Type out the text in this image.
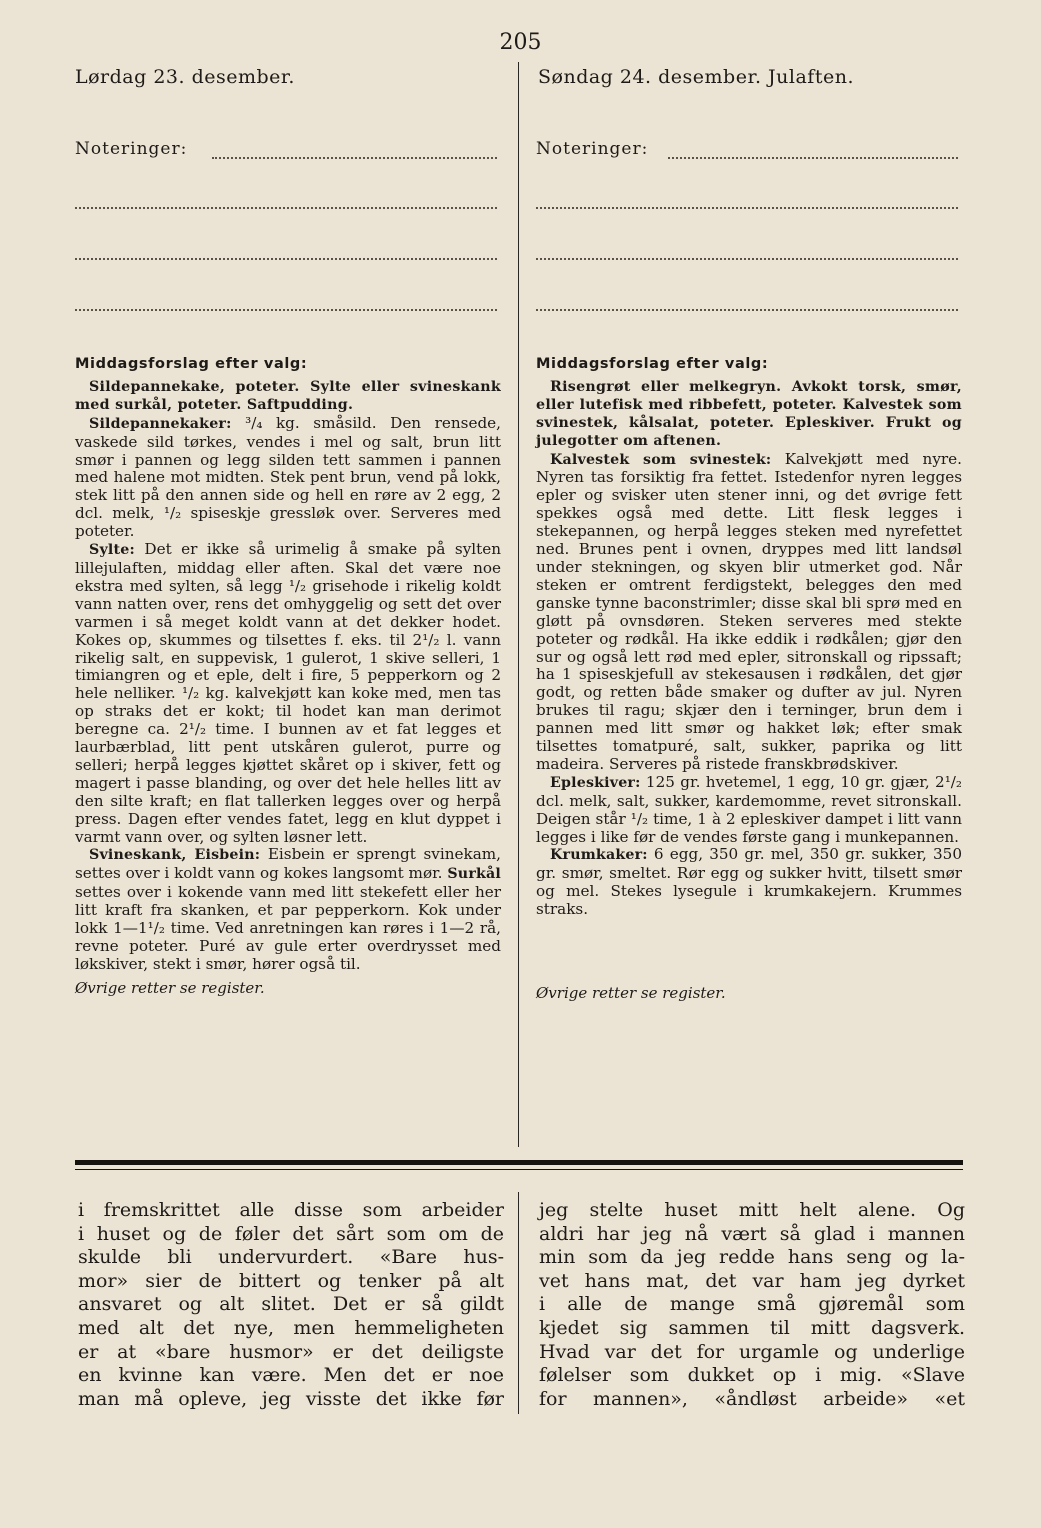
205
Lørdag 23. desember.	Søndag 24. desember. Julaften.
Noteringer:	Noteringer:

Middagsforslag efter valg:

Sildepannekake, poteter. Sylte eller svineskank med surkål, poteter. Saftpudding.

Sildepannekaker: ³/₄ kg. småsild. Den rensede, vaskede sild tørkes, vendes i mel og salt, brun litt smør i pannen og legg silden tett sammen i pannen med halene mot midten. Stek pent brun, vend på lokk, stek litt på den annen side og hell en røre av 2 egg, 2 dcl. melk, ¹/₂ spiseskje gressløk over. Serveres med poteter.

Sylte: Det er ikke så urimelig å smake på sylten lillejulaften, middag eller aften. Skal det være noe ekstra med sylten, så legg ¹/₂ grisehode i rikelig koldt vann natten over, rens det omhyggelig og sett det over varmen i så meget koldt vann at det dekker hodet. Kokes op, skummes og tilsettes f. eks. til 2¹/₂ l. vann rikelig salt, en suppevisk, 1 gulerot, 1 skive selleri, 1 timiangren og et eple, delt i fire, 5 pepperkorn og 2 hele nelliker. ¹/₂ kg. kalvekjøtt kan koke med, men tas op straks det er kokt; til hodet kan man derimot beregne ca. 2¹/₂ time. I bunnen av et fat legges et laurbærblad, litt pent utskåren gulerot, purre og selleri; herpå legges kjøttet skåret op i skiver, fett og magert i passe blanding, og over det hele helles litt av den silte kraft; en flat tallerken legges over og herpå press. Dagen efter vendes fatet, legg en klut dyppet i varmt vann over, og sylten løsner lett.

Svineskank, Eisbein: Eisbein er sprengt svinekam, settes over i koldt vann og kokes langsomt mør. Surkål settes over i kokende vann med litt stekefett eller her litt kraft fra skanken, et par pepperkorn. Kok under lokk 1—1¹/₂ time. Ved anretningen kan røres i 1—2 rå, revne poteter. Puré av gule erter overdrysset med løkskiver, stekt i smør, hører også til.

Øvrige retter se register.

Middagsforslag efter valg:

Risengrøt eller melkegryn. Avkokt torsk, smør, eller lutefisk med ribbefett, poteter. Kalvestek som svinestek, kålsalat, poteter. Epleskiver. Frukt og julegotter om aftenen.

Kalvestek som svinestek: Kalvekjøtt med nyre. Nyren tas forsiktig fra fettet. Istedenfor nyren legges epler og svisker uten stener inni, og det øvrige fett spekkes også med dette. Litt flesk legges i stekepannen, og herpå legges steken med nyrefettet ned. Brunes pent i ovnen, dryppes med litt landsøl under stekningen, og skyen blir utmerket god. Når steken er omtrent ferdigstekt, belegges den med ganske tynne baconstrimler; disse skal bli sprø med en gløtt på ovnsdøren. Steken serveres med stekte poteter og rødkål. Ha ikke eddik i rødkålen; gjør den sur og også lett rød med epler, sitronskall og ripssaft; ha 1 spiseskjefull av stekesausen i rødkålen, det gjør godt, og retten både smaker og dufter av jul. Nyren brukes til ragu; skjær den i terninger, brun dem i pannen med litt smør og hakket løk; efter smak tilsettes tomatpuré, salt, sukker, paprika og litt madeira. Serveres på ristede franskbrødskiver.

Epleskiver: 125 gr. hvetemel, 1 egg, 10 gr. gjær, 2¹/₂ dcl. melk, salt, sukker, kardemomme, revet sitronskall. Deigen står ¹/₂ time, 1 à 2 epleskiver dampet i litt vann legges i like før de vendes første gang i munkepannen.

Krumkaker: 6 egg, 350 gr. mel, 350 gr. sukker, 350 gr. smør, smeltet. Rør egg og sukker hvitt, tilsett smør og mel. Stekes lysegule i krumkakejern. Krummes straks.

Øvrige retter se register.

i fremskrittet alle disse som arbeider
i huset og de føler det sårt som om de
skulde bli undervurdert. «Bare hus-
mor» sier de bittert og tenker på alt
ansvaret og alt slitet. Det er så gildt
med alt det nye, men hemmeligheten
er at «bare husmor» er det deiligste
en kvinne kan være. Men det er noe
man må opleve, jeg visste det ikke før
jeg stelte huset mitt helt alene. Og
aldri har jeg nå vært så glad i mannen
min som da jeg redde hans seng og la-
vet hans mat, det var ham jeg dyrket
i alle de mange små gjøremål som
kjedet sig sammen til mitt dagsverk.
Hvad var det for urgamle og underlige
følelser som dukket op i mig. «Slave
for mannen», «åndløst arbeide» «et
